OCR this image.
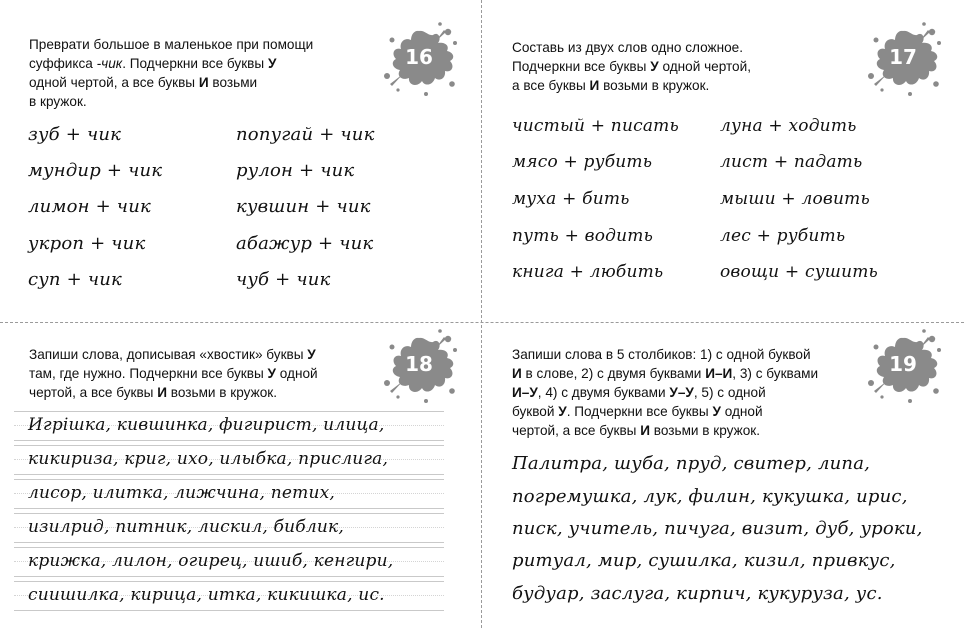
16
Преврати большое в маленькое при помощи
суффикса -чик. Подчеркни все буквы У
одной чертой, а все буквы И возьми
в кружок.
зуб + чик
мундир + чик
лимон + чик
укроп + чик
суп + чик
попугай + чик
рулон + чик
кувшин + чик
абажур + чик
чуб + чик
17
Составь из двух слов одно сложное.
Подчеркни все буквы У одной чертой,
а все буквы И возьми в кружок.
чистый + писать
мясо + рубить
муха + бить
путь + водить
книга + любить
луна + ходить
лист + падать
мыши + ловить
лес + рубить
овощи + сушить
18
Запиши слова, дописывая «хвостик» буквы У
там, где нужно. Подчеркни все буквы У одной
чертой, а все буквы И возьми в кружок.
Игрiшка, кившинка, фигирист, илица,
кикириза, криг, ихо, илыбка, прислига,
лисор, илитка, лижчина, петих,
изилрид, питник, лискил, библик,
крижка, лилон, огирец, ишиб, кенгири,
сиишилка, кирица, итка, кикишка, ис.
19
Запиши слова в 5 столбиков: 1) с одной буквой
И в слове, 2) с двумя буквами И–И, 3) с буквами
И–У, 4) с двумя буквами У–У, 5) с одной
буквой У. Подчеркни все буквы У одной
чертой, а все буквы И возьми в кружок.
Палитра, шуба, пруд, свитер, липа,
погремушка, лук, филин, кукушка, ирис,
писк, учитель, пичуга, визит, дуб, уроки,
ритуал, мир, сушилка, кизил, привкус,
будуар, заслуга, кирпич, кукуруза, ус.
